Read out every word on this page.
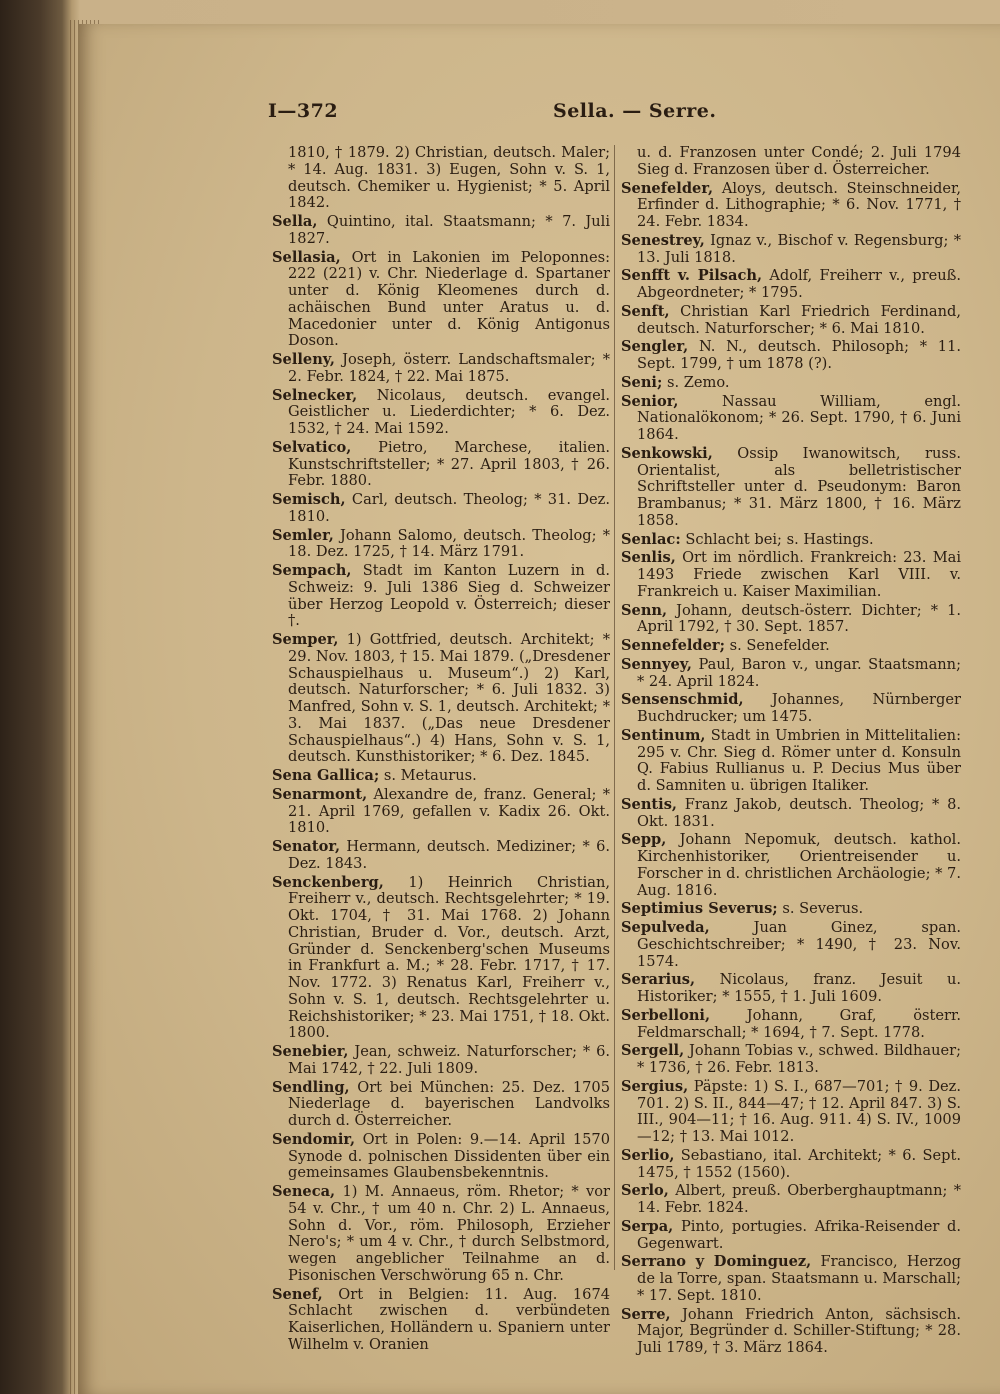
I—372	Sella. — Serre.
1810, † 1879. 2) Christian, deutsch. Maler; * 14. Aug. 1831. 3) Eugen, Sohn v. S. 1, deutsch. Chemiker u. Hygienist; * 5. April 1842.
Sella, Quintino, ital. Staatsmann; * 7. Juli 1827.
Sellasia, Ort in Lakonien im Peloponnes: 222 (221) v. Chr. Niederlage d. Spartaner unter d. König Kleomenes durch d. achäischen Bund unter Aratus u. d. Macedonier unter d. König Antigonus Doson.
Selleny, Joseph, österr. Landschaftsmaler; * 2. Febr. 1824, † 22. Mai 1875.
Selnecker, Nicolaus, deutsch. evangel. Geistlicher u. Liederdichter; * 6. Dez. 1532, † 24. Mai 1592.
Selvatico, Pietro, Marchese, italien. Kunstschriftsteller; * 27. April 1803, † 26. Febr. 1880.
Semisch, Carl, deutsch. Theolog; * 31. Dez. 1810.
Semler, Johann Salomo, deutsch. Theolog; * 18. Dez. 1725, † 14. März 1791.
Sempach, Stadt im Kanton Luzern in d. Schweiz: 9. Juli 1386 Sieg d. Schweizer über Herzog Leopold v. Österreich; dieser †.
Semper, 1) Gottfried, deutsch. Architekt; * 29. Nov. 1803, † 15. Mai 1879. („Dresdener Schauspielhaus u. Museum“.) 2) Karl, deutsch. Naturforscher; * 6. Juli 1832. 3) Manfred, Sohn v. S. 1, deutsch. Architekt; * 3. Mai 1837. („Das neue Dresdener Schauspielhaus“.) 4) Hans, Sohn v. S. 1, deutsch. Kunsthistoriker; * 6. Dez. 1845.
Sena Gallica; s. Metaurus.
Senarmont, Alexandre de, franz. General; * 21. April 1769, gefallen v. Kadix 26. Okt. 1810.
Senator, Hermann, deutsch. Mediziner; * 6. Dez. 1843.
Senckenberg, 1) Heinrich Christian, Freiherr v., deutsch. Rechtsgelehrter; * 19. Okt. 1704, † 31. Mai 1768. 2) Johann Christian, Bruder d. Vor., deutsch. Arzt, Gründer d. Senckenberg'schen Museums in Frankfurt a. M.; * 28. Febr. 1717, † 17. Nov. 1772. 3) Renatus Karl, Freiherr v., Sohn v. S. 1, deutsch. Rechtsgelehrter u. Reichshistoriker; * 23. Mai 1751, † 18. Okt. 1800.
Senebier, Jean, schweiz. Naturforscher; * 6. Mai 1742, † 22. Juli 1809.
Sendling, Ort bei München: 25. Dez. 1705 Niederlage d. bayerischen Landvolks durch d. Österreicher.
Sendomir, Ort in Polen: 9.—14. April 1570 Synode d. polnischen Dissidenten über ein gemeinsames Glaubensbekenntnis.
Seneca, 1) M. Annaeus, röm. Rhetor; * vor 54 v. Chr., † um 40 n. Chr. 2) L. Annaeus, Sohn d. Vor., röm. Philosoph, Erzieher Nero's; * um 4 v. Chr., † durch Selbstmord, wegen angeblicher Teilnahme an d. Pisonischen Verschwörung 65 n. Chr.
Senef, Ort in Belgien: 11. Aug. 1674 Schlacht zwischen d. verbündeten Kaiserlichen, Holländern u. Spaniern unter Wilhelm v. Oranien
u. d. Franzosen unter Condé; 2. Juli 1794 Sieg d. Franzosen über d. Österreicher.
Senefelder, Aloys, deutsch. Steinschneider, Erfinder d. Lithographie; * 6. Nov. 1771, † 24. Febr. 1834.
Senestrey, Ignaz v., Bischof v. Regensburg; * 13. Juli 1818.
Senfft v. Pilsach, Adolf, Freiherr v., preuß. Abgeordneter; * 1795.
Senft, Christian Karl Friedrich Ferdinand, deutsch. Naturforscher; * 6. Mai 1810.
Sengler, N. N., deutsch. Philosoph; * 11. Sept. 1799, † um 1878 (?).
Seni; s. Zemo.
Senior,	Nassau William, engl. Nationalökonom; * 26. Sept. 1790, † 6. Juni 1864.
Senkowski, Ossip Iwanowitsch, russ. Orientalist, als belletristischer Schriftsteller unter d. Pseudonym: Baron Brambanus; * 31. März 1800, † 16. März 1858.
Senlac: Schlacht bei; s. Hastings.
Senlis, Ort im nördlich. Frankreich: 23. Mai 1493 Friede zwischen Karl VIII. v. Frankreich u. Kaiser Maximilian.
Senn, Johann, deutsch-österr. Dichter; * 1. April 1792, † 30. Sept. 1857.
Sennefelder; s. Senefelder.
Sennyey, Paul, Baron v., ungar. Staatsmann; * 24. April 1824.
Sensenschmid, Johannes, Nürnberger Buchdrucker; um 1475.
Sentinum, Stadt in Umbrien in Mittelitalien: 295 v. Chr. Sieg d. Römer unter d. Konsuln Q. Fabius Rullianus u. P. Decius Mus über d. Samniten u. übrigen Italiker.
Sentis, Franz Jakob, deutsch. Theolog; * 8. Okt. 1831.
Sepp, Johann Nepomuk, deutsch. kathol. Kirchenhistoriker, Orientreisender u. Forscher in d. christlichen Archäologie; * 7. Aug. 1816.
Septimius Severus; s. Severus.
Sepulveda,	Juan Ginez, span. Geschichtschreiber; * 1490, † 23. Nov. 1574.
Serarius, Nicolaus, franz. Jesuit u. Historiker; * 1555, † 1. Juli 1609.
Serbelloni,	Johann, Graf, österr. Feldmarschall; * 1694, † 7. Sept. 1778.
Sergell, Johann Tobias v., schwed. Bildhauer; * 1736, † 26. Febr. 1813.
Sergius, Päpste: 1) S. I., 687—701; † 9. Dez. 701. 2) S. II., 844—47; † 12. April 847. 3) S. III., 904—11; † 16. Aug. 911. 4) S. IV., 1009—12; † 13. Mai 1012.
Serlio, Sebastiano, ital. Architekt; * 6. Sept. 1475, † 1552 (1560).
Serlo, Albert, preuß. Oberberghauptmann; * 14. Febr. 1824.
Serpa, Pinto, portugies. Afrika-Reisender d. Gegenwart.
Serrano y Dominguez, Francisco, Herzog de la Torre, span. Staatsmann u. Marschall; * 17. Sept. 1810.
Serre, Johann Friedrich Anton, sächsisch. Major, Begründer d. Schiller-Stiftung; * 28. Juli 1789, † 3. März 1864.
